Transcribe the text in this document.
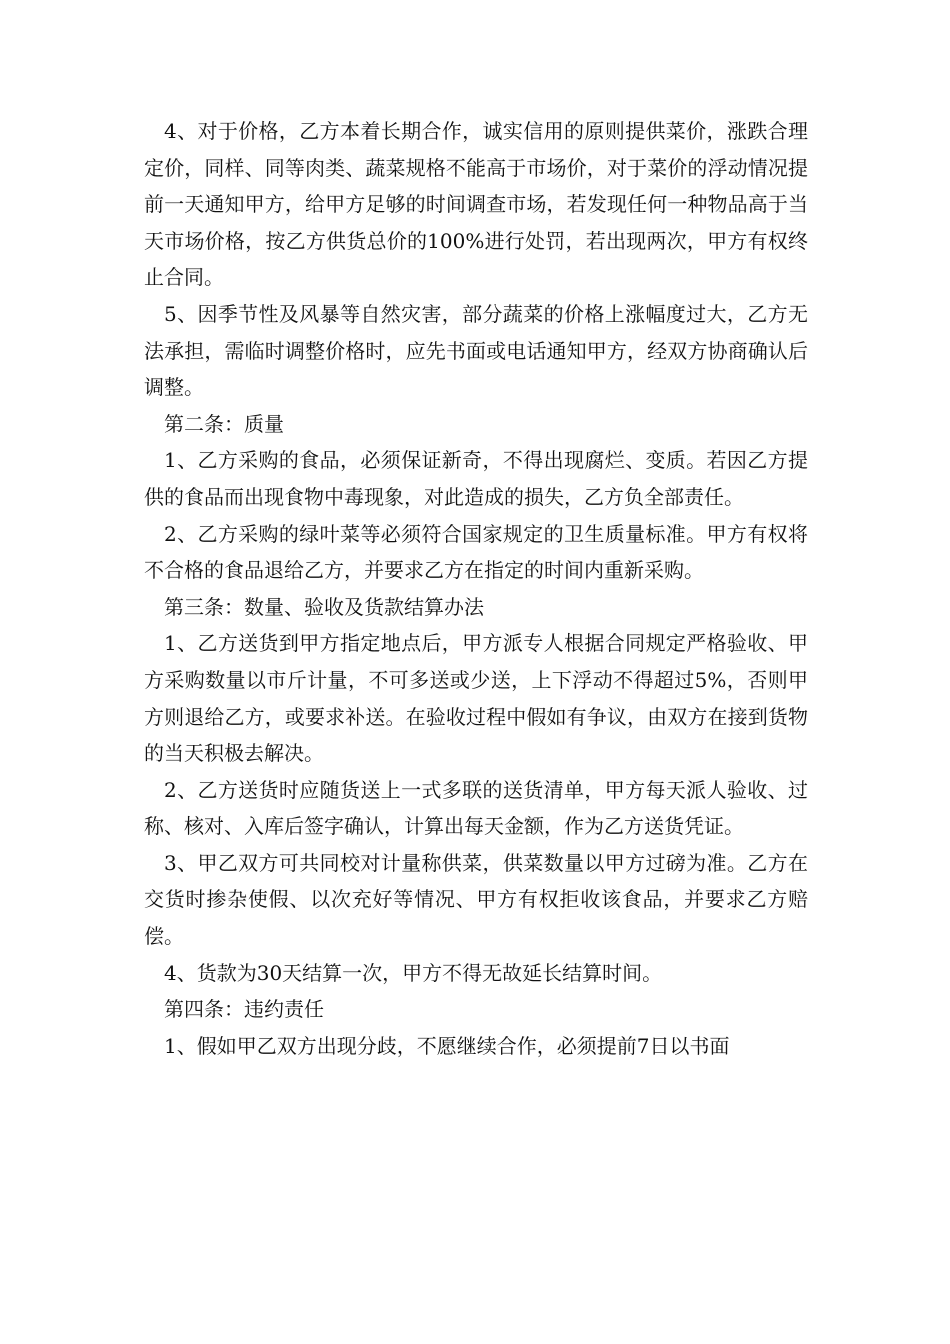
4、对于价格，乙方本着长期合作，诚实信用的原则提供菜价，涨跌合理定价，同样、同等肉类、蔬菜规格不能高于市场价，对于菜价的浮动情况提前一天通知甲方，给甲方足够的时间调查市场，若发现任何一种物品高于当天市场价格，按乙方供货总价的100%进行处罚，若出现两次，甲方有权终止合同。

5、因季节性及风暴等自然灾害，部分蔬菜的价格上涨幅度过大，乙方无法承担，需临时调整价格时，应先书面或电话通知甲方，经双方协商确认后调整。

第二条：质量

1、乙方采购的食品，必须保证新奇，不得出现腐烂、变质。若因乙方提供的食品而出现食物中毒现象，对此造成的损失，乙方负全部责任。

2、乙方采购的绿叶菜等必须符合国家规定的卫生质量标准。甲方有权将不合格的食品退给乙方，并要求乙方在指定的时间内重新采购。

第三条：数量、验收及货款结算办法

1、乙方送货到甲方指定地点后，甲方派专人根据合同规定严格验收、甲方采购数量以市斤计量，不可多送或少送，上下浮动不得超过5%，否则甲方则退给乙方，或要求补送。在验收过程中假如有争议，由双方在接到货物的当天积极去解决。

2、乙方送货时应随货送上一式多联的送货清单，甲方每天派人验收、过称、核对、入库后签字确认，计算出每天金额，作为乙方送货凭证。

3、甲乙双方可共同校对计量称供菜，供菜数量以甲方过磅为准。乙方在交货时掺杂使假、以次充好等情况、甲方有权拒收该食品，并要求乙方赔偿。

4、货款为30天结算一次，甲方不得无故延长结算时间。

第四条：违约责任

1、假如甲乙双方出现分歧，不愿继续合作，必须提前7日以书面
